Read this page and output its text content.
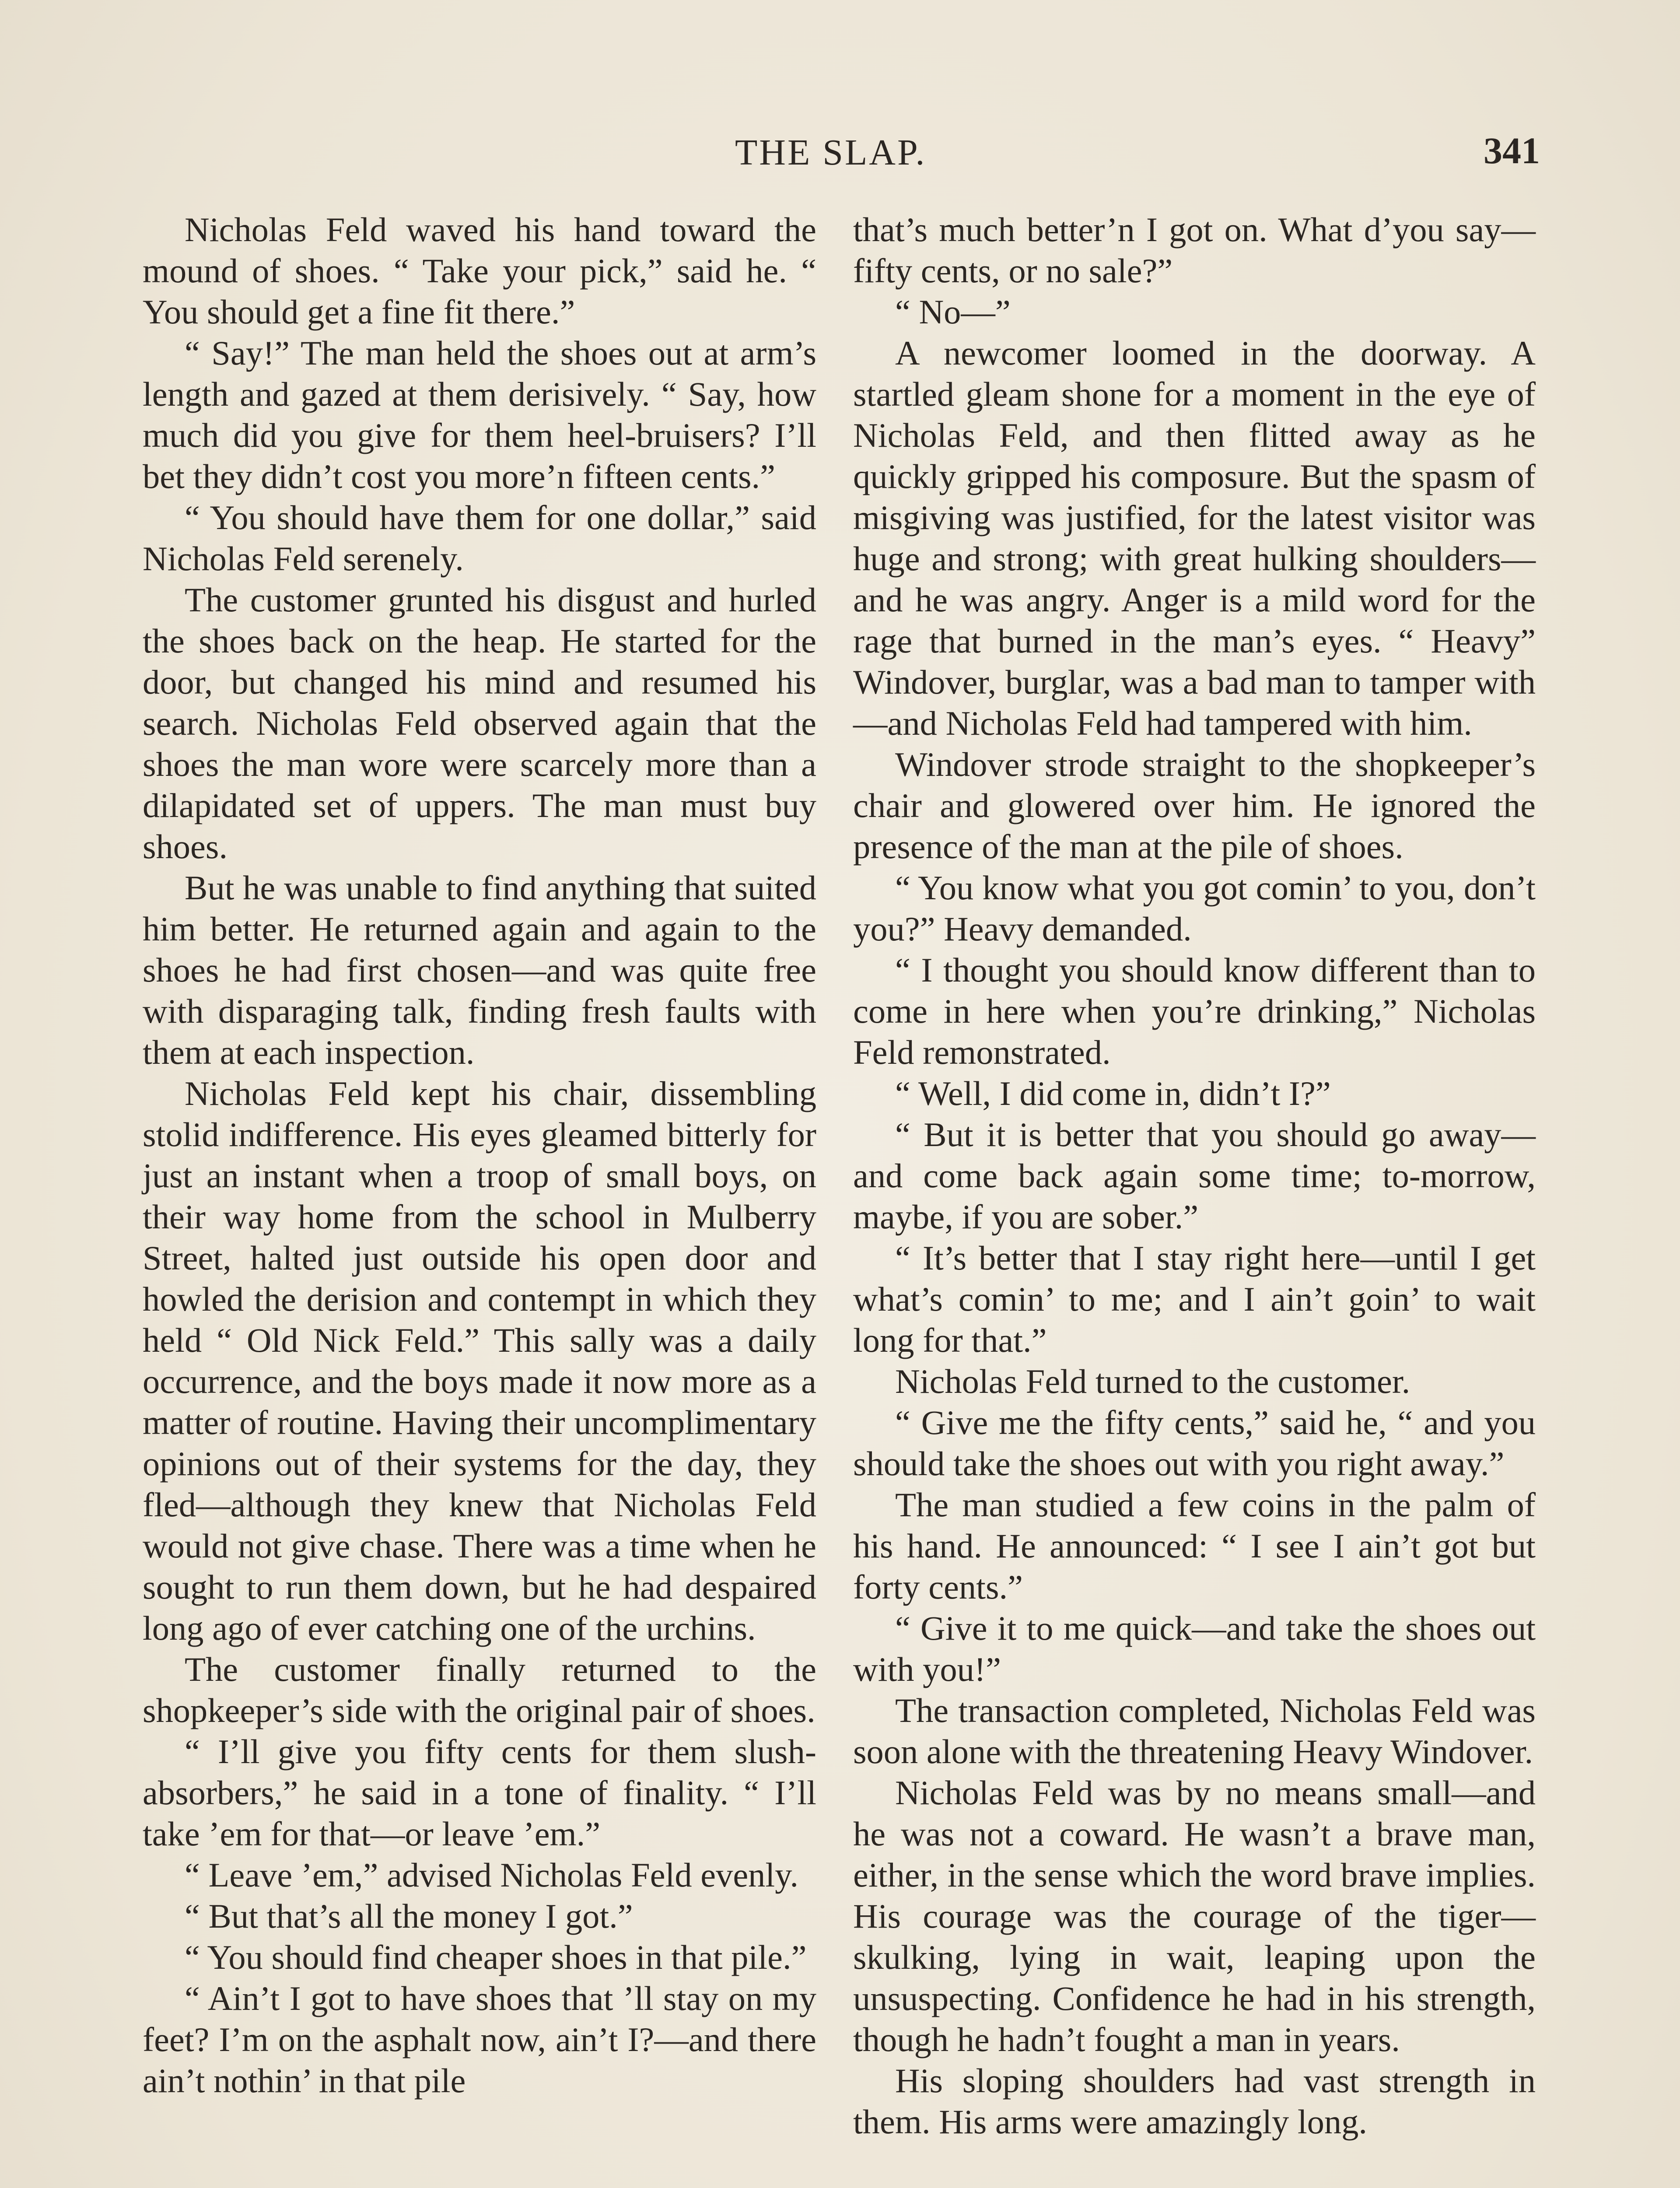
THE SLAP.	341

Nicholas Feld waved his hand toward the mound of shoes. “ Take your pick,” said he. “ You should get a fine fit there.”

“ Say!” The man held the shoes out at arm’s length and gazed at them derisively. “ Say, how much did you give for them heel-bruisers? I’ll bet they didn’t cost you more’n fifteen cents.”

“ You should have them for one dollar,” said Nicholas Feld serenely.

The customer grunted his disgust and hurled the shoes back on the heap. He started for the door, but changed his mind and resumed his search. Nicholas Feld observed again that the shoes the man wore were scarcely more than a dilapidated set of uppers. The man must buy shoes.

But he was unable to find anything that suited him better. He returned again and again to the shoes he had first chosen—and was quite free with disparaging talk, finding fresh faults with them at each inspection.

Nicholas Feld kept his chair, dissembling stolid indifference. His eyes gleamed bitterly for just an instant when a troop of small boys, on their way home from the school in Mulberry Street, halted just outside his open door and howled the derision and contempt in which they held “ Old Nick Feld.” This sally was a daily occurrence, and the boys made it now more as a matter of routine. Having their uncomplimentary opinions out of their systems for the day, they fled—although they knew that Nicholas Feld would not give chase. There was a time when he sought to run them down, but he had despaired long ago of ever catching one of the urchins.

The customer finally returned to the shopkeeper’s side with the original pair of shoes.

“ I’ll give you fifty cents for them slush-absorbers,” he said in a tone of finality. “ I’ll take ’em for that—or leave ’em.”

“ Leave ’em,” advised Nicholas Feld evenly.

“ But that’s all the money I got.”

“ You should find cheaper shoes in that pile.”

“ Ain’t I got to have shoes that ’ll stay on my feet? I’m on the asphalt now, ain’t I?—and there ain’t nothin’ in that pile

that’s much better’n I got on. What d’you say—fifty cents, or no sale?”

“ No—”

A newcomer loomed in the doorway. A startled gleam shone for a moment in the eye of Nicholas Feld, and then flitted away as he quickly gripped his composure. But the spasm of misgiving was justified, for the latest visitor was huge and strong; with great hulking shoulders—and he was angry. Anger is a mild word for the rage that burned in the man’s eyes. “ Heavy” Windover, burglar, was a bad man to tamper with—and Nicholas Feld had tampered with him.

Windover strode straight to the shopkeeper’s chair and glowered over him. He ignored the presence of the man at the pile of shoes.

“ You know what you got comin’ to you, don’t you?” Heavy demanded.

“ I thought you should know different than to come in here when you’re drinking,” Nicholas Feld remonstrated.

“ Well, I did come in, didn’t I?”

“ But it is better that you should go away—and come back again some time; to-morrow, maybe, if you are sober.”

“ It’s better that I stay right here—until I get what’s comin’ to me; and I ain’t goin’ to wait long for that.”

Nicholas Feld turned to the customer.

“ Give me the fifty cents,” said he, “ and you should take the shoes out with you right away.”

The man studied a few coins in the palm of his hand. He announced: “ I see I ain’t got but forty cents.”

“ Give it to me quick—and take the shoes out with you!”

The transaction completed, Nicholas Feld was soon alone with the threatening Heavy Windover.

Nicholas Feld was by no means small—and he was not a coward. He wasn’t a brave man, either, in the sense which the word brave implies. His courage was the courage of the tiger—skulking, lying in wait, leaping upon the unsuspecting. Confidence he had in his strength, though he hadn’t fought a man in years.

His sloping shoulders had vast strength in them. His arms were amazingly long.
